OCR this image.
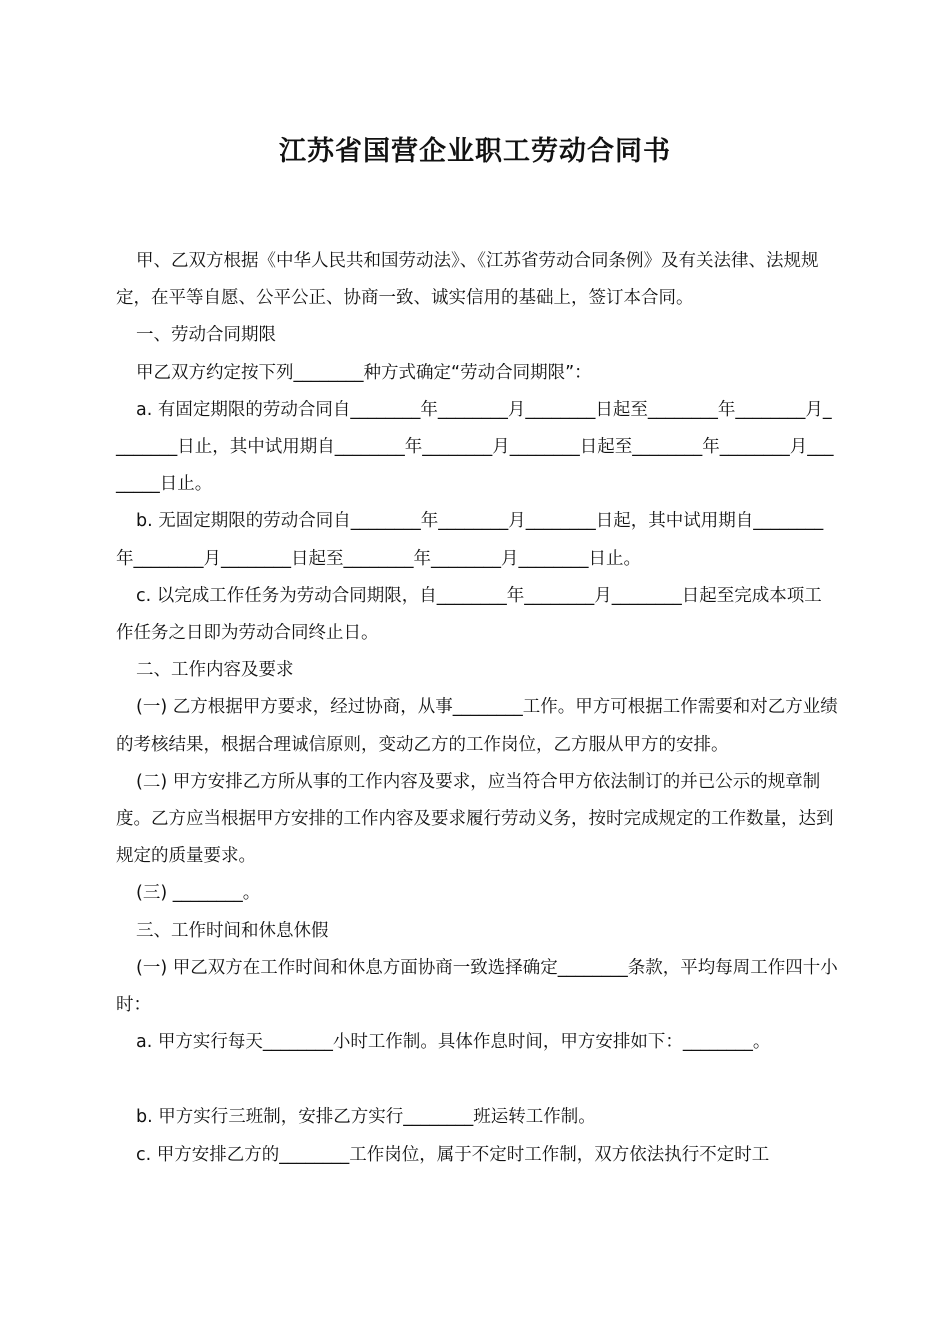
江苏省国营企业职工劳动合同书

甲、乙双方根据《中华人民共和国劳动法》、《江苏省劳动合同条例》及有关法律、法规规定，在平等自愿、公平公正、协商一致、诚实信用的基础上，签订本合同。

一、劳动合同期限

甲乙双方约定按下列________种方式确定“劳动合同期限”：

a. 有固定期限的劳动合同自________年________月________日起至________年________月________日止，其中试用期自________年________月________日起至________年________月________日止。

b. 无固定期限的劳动合同自________年________月________日起，其中试用期自________年________月________日起至________年________月________日止。

c. 以完成工作任务为劳动合同期限，自________年________月________日起至完成本项工作任务之日即为劳动合同终止日。

二、工作内容及要求

(一) 乙方根据甲方要求，经过协商，从事________工作。甲方可根据工作需要和对乙方业绩的考核结果，根据合理诚信原则，变动乙方的工作岗位，乙方服从甲方的安排。

(二) 甲方安排乙方所从事的工作内容及要求，应当符合甲方依法制订的并已公示的规章制度。乙方应当根据甲方安排的工作内容及要求履行劳动义务，按时完成规定的工作数量，达到规定的质量要求。

(三) ________。

三、工作时间和休息休假

(一) 甲乙双方在工作时间和休息方面协商一致选择确定________条款，平均每周工作四十小时：

a. 甲方实行每天________小时工作制。具体作息时间，甲方安排如下：________。

b. 甲方实行三班制，安排乙方实行________班运转工作制。

c. 甲方安排乙方的________工作岗位，属于不定时工作制，双方依法执行不定时工
